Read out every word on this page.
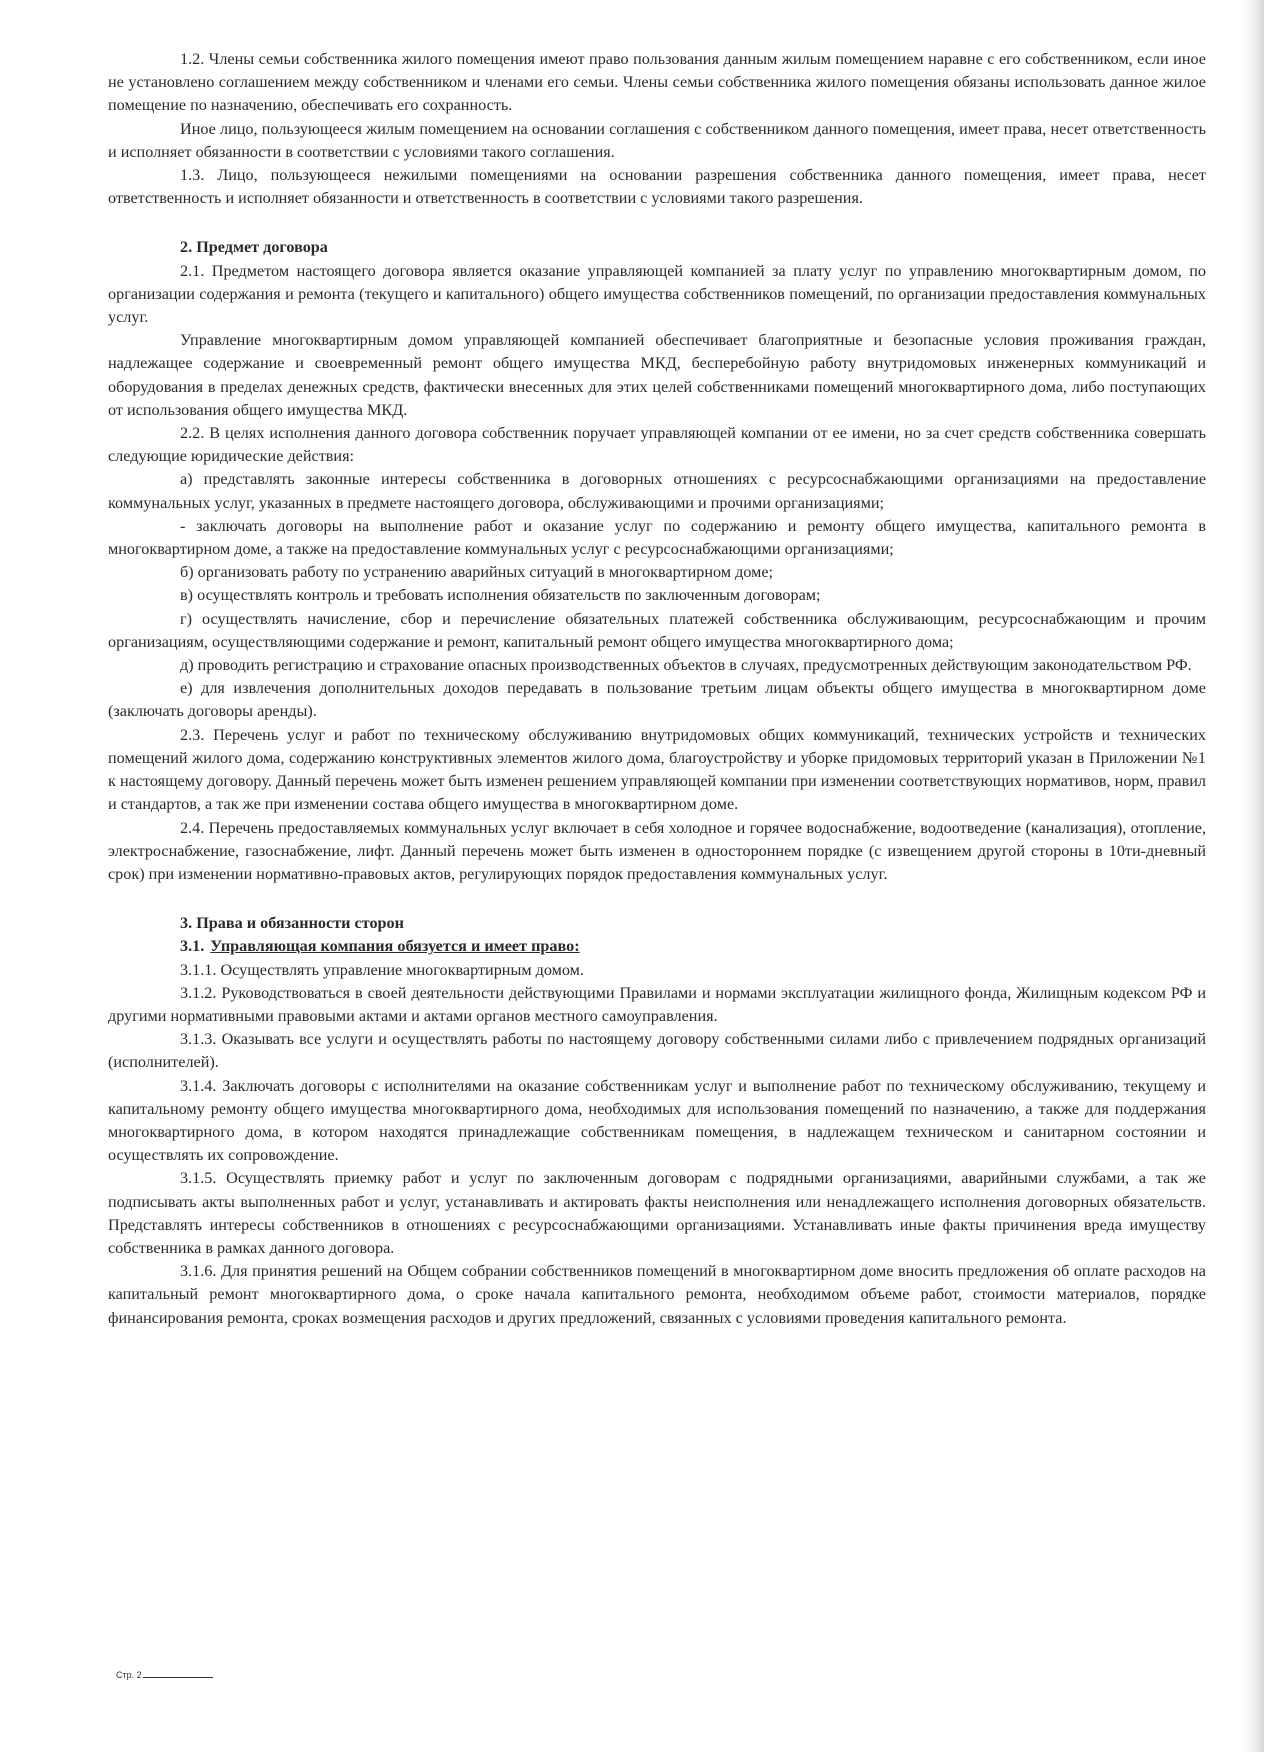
1.2. Члены семьи собственника жилого помещения имеют право пользования данным жилым помещением наравне с его собственником, если иное не установлено соглашением между собственником и членами его семьи. Члены семьи собственника жилого помещения обязаны использовать данное жилое помещение по назначению, обеспечивать его сохранность.

Иное лицо, пользующееся жилым помещением на основании соглашения с собственником данного помещения, имеет права, несет ответственность и исполняет обязанности в соответствии с условиями такого соглашения.

1.3. Лицо, пользующееся нежилыми помещениями на основании разрешения собственника данного помещения, имеет права, несет ответственность и исполняет обязанности и ответственность в соответствии с условиями такого разрешения.

2. Предмет договора

2.1. Предметом настоящего договора является оказание управляющей компанией за плату услуг по управлению многоквартирным домом, по организации содержания и ремонта (текущего и капитального) общего имущества собственников помещений, по организации предоставления коммунальных услуг.

Управление многоквартирным домом управляющей компанией обеспечивает благоприятные и безопасные условия проживания граждан, надлежащее содержание и своевременный ремонт общего имущества МКД, бесперебойную работу внутридомовых инженерных коммуникаций и оборудования в пределах денежных средств, фактически внесенных для этих целей собственниками помещений многоквартирного дома, либо поступающих от использования общего имущества МКД.

2.2. В целях исполнения данного договора собственник поручает управляющей компании от ее имени, но за счет средств собственника совершать следующие юридические действия:

а) представлять законные интересы собственника в договорных отношениях с ресурсоснабжающими организациями на предоставление коммунальных услуг, указанных в предмете настоящего договора, обслуживающими и прочими организациями;

- заключать договоры на выполнение работ и оказание услуг по содержанию и ремонту общего имущества, капитального ремонта в многоквартирном доме, а также на предоставление коммунальных услуг с ресурсоснабжающими организациями;

б) организовать работу по устранению аварийных ситуаций в многоквартирном доме;

в) осуществлять контроль и требовать исполнения обязательств по заключенным договорам;

г) осуществлять начисление, сбор и перечисление обязательных платежей собственника обслуживающим, ресурсоснабжающим и прочим организациям, осуществляющими содержание и ремонт, капитальный ремонт общего имущества многоквартирного дома;

д) проводить регистрацию и страхование опасных производственных объектов в случаях, предусмотренных действующим законодательством РФ.

е) для извлечения дополнительных доходов передавать в пользование третьим лицам объекты общего имущества в многоквартирном доме (заключать договоры аренды).

2.3. Перечень услуг и работ по техническому обслуживанию внутридомовых общих коммуникаций, технических устройств и технических помещений жилого дома, содержанию конструктивных элементов жилого дома, благоустройству и уборке придомовых территорий указан в Приложении №1 к настоящему договору. Данный перечень может быть изменен решением управляющей компании при изменении соответствующих нормативов, норм, правил и стандартов, а так же при изменении состава общего имущества в многоквартирном доме.

2.4. Перечень предоставляемых коммунальных услуг включает в себя холодное и горячее водоснабжение, водоотведение (канализация), отопление, электроснабжение, газоснабжение, лифт. Данный перечень может быть изменен в одностороннем порядке (с извещением другой стороны в 10ти-дневный срок) при изменении нормативно-правовых актов, регулирующих порядок предоставления коммунальных услуг.

3. Права и обязанности сторон

3.1. Управляющая компания обязуется и имеет право:

3.1.1. Осуществлять управление многоквартирным домом.

3.1.2. Руководствоваться в своей деятельности действующими Правилами и нормами эксплуатации жилищного фонда, Жилищным кодексом РФ и другими нормативными правовыми актами и актами органов местного самоуправления.

3.1.3. Оказывать все услуги и осуществлять работы по настоящему договору собственными силами либо с привлечением подрядных организаций (исполнителей).

3.1.4. Заключать договоры с исполнителями на оказание собственникам услуг и выполнение работ по техническому обслуживанию, текущему и капитальному ремонту общего имущества многоквартирного дома, необходимых для использования помещений по назначению, а также для поддержания многоквартирного дома, в котором находятся принадлежащие собственникам помещения, в надлежащем техническом и санитарном состоянии и осуществлять их сопровождение.

3.1.5. Осуществлять приемку работ и услуг по заключенным договорам с подрядными организациями, аварийными службами, а так же подписывать акты выполненных работ и услуг, устанавливать и актировать факты неисполнения или ненадлежащего исполнения договорных обязательств. Представлять интересы собственников в отношениях с ресурсоснабжающими организациями. Устанавливать иные факты причинения вреда имуществу собственника в рамках данного договора.

3.1.6. Для принятия решений на Общем собрании собственников помещений в многоквартирном доме вносить предложения об оплате расходов на капитальный ремонт многоквартирного дома, о сроке начала капитального ремонта, необходимом объеме работ, стоимости материалов, порядке финансирования ремонта, сроках возмещения расходов и других предложений, связанных с условиями проведения капитального ремонта.

Стр. 2
